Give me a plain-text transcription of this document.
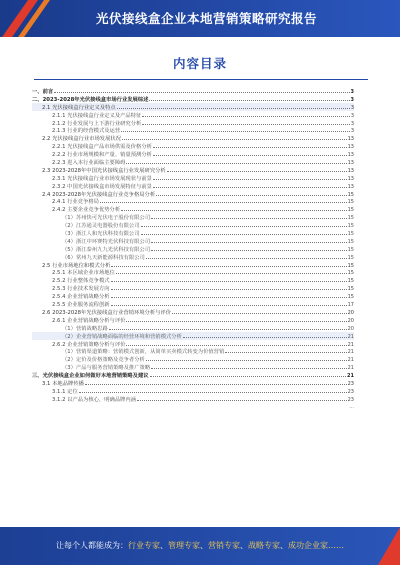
光伏接线盒企业本地营销策略研究报告
内容目录
一、前言	3
二、2023-2028年光伏接线盒市场行业发展综述	3
2.1 光伏接线盒行业定义及特点	3
2.1.1 光伏接线盒行业定义及产品特征	3
2.1.2 行业发展与上下游行业研究分析	3
2.1.3 行业的经营模式及运营	3
2.2 光伏接线盒行业市场发展状况	13
2.2.1 光伏接线盒产品市场供需及价格分析	13
2.2.2 行业市场规模和产量、销量预测分析	13
2.2.3 进入本行业面临主要障碍	13
2.3 2023-2028年中国光伏接线盒行业发展研究分析	13
2.3.1 光伏接线盒行业市场发展现状与前景	13
2.3.2 中国光伏接线盒市场发展特征与前景	13
2.4 2023-2028年光伏接线盒行业竞争格局分析	15
2.4.1 行业竞争格局	15
2.4.2 主要企业竞争优势分析	15
（1）苏州快可光伏电子股份有限公司	15
（2）江苏通灵电器股份有限公司	15
（3）浙江人和光伏科技有限公司	15
（4）浙江中环赛特光伏科技有限公司	15
（5）浙江泰州九九光伏科技有限公司	15
（6）常州九天新能源科技有限公司	15
2.5 行业市场地位和模式分析	15
2.5.1 本区域企业市场地位	15
2.5.2 行业整体竞争模式	15
2.5.3 行业技术发展方向	15
2.5.4 企业营销战略分析	15
2.5.5 企业服务流程创新	17
2.6 2023-2028年光伏接线盒行业营销环境分析与评价	20
2.6.1 企业营销战略分析与评价	20
（1）营销战略思路	20
（2）企业营销战略面临的经营环境和营销模式分析	21
2.6.2 企业营销策略分析与评价	21
（1）营销渠道策略：营销模式创新，从简单买卖模式转变为价值营销	21
（2）定价及价格策略及竞争者分析	21
（3）产品与服务营销策略及推广策略	21
三、光伏接线盒企业如何做好本地营销策略及建议	21
3.1 本地品牌传播	23
3.1.1 定位	23
3.1.2 以产品为核心，明确品牌内涵	23
...
让每个人都能成为：行业专家、管理专家、营销专家、战略专家、成功企业家……
